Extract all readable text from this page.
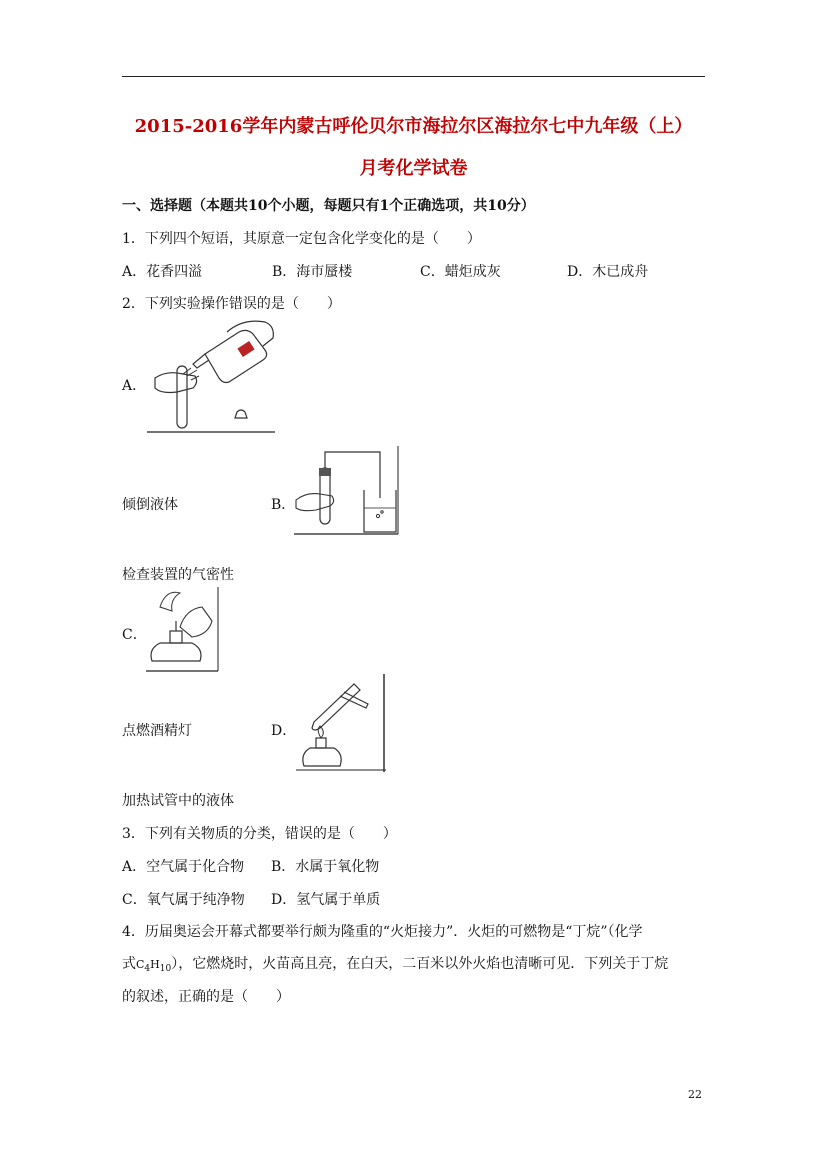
2015-2016学年内蒙古呼伦贝尔市海拉尔区海拉尔七中九年级（上）
月考化学试卷
一、选择题（本题共10个小题，每题只有1个正确选项，共10分）
1．下列四个短语，其原意一定包含化学变化的是（　　）
A．花香四溢	B．海市蜃楼	C．蜡炬成灰	D．木已成舟
2．下列实验操作错误的是（　　）
A．
倾倒液体	B．
检查装置的气密性
C．
点燃酒精灯	D．
加热试管中的液体
3．下列有关物质的分类，错误的是（　　）
A．空气属于化合物 B．水属于氧化物
C．氧气属于纯净物 D．氢气属于单质
4．历届奥运会开幕式都要举行颇为隆重的“火炬接力”．火炬的可燃物是“丁烷”（化学
式$C_4H_{10}$），它燃烧时，火苗高且亮，在白天，二百米以外火焰也清晰可见．下列关于丁烷
的叙述，正确的是（　　）
22
